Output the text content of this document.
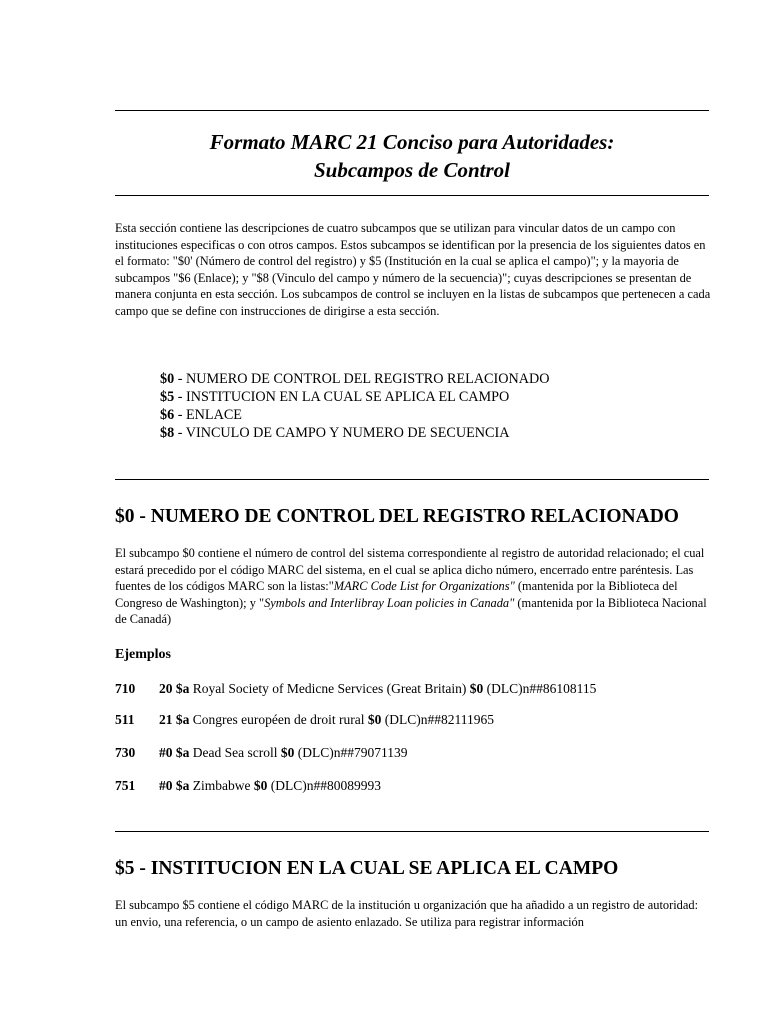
Formato MARC 21 Conciso para Autoridades:
Subcampos de Control
Esta sección contiene las descripciones de cuatro subcampos que se utilizan para vincular datos de un campo con instituciones especificas o con otros campos. Estos subcampos se identifican por la presencia de los siguientes datos en el formato: "$0' (Número de control del registro) y $5 (Institución en la cual se aplica el campo)"; y la mayoria de subcampos "$6 (Enlace); y "$8 (Vinculo del campo y número de la secuencia)"; cuyas descripciones se presentan de manera conjunta en esta sección. Los subcampos de control se incluyen en la listas de subcampos que pertenecen a cada campo que se define con instrucciones de dirigirse a esta sección.
$0 - NUMERO DE CONTROL DEL REGISTRO RELACIONADO
$5 - INSTITUCION EN LA CUAL SE APLICA EL CAMPO
$6 - ENLACE
$8 - VINCULO DE CAMPO Y NUMERO DE SECUENCIA
$0 - NUMERO DE CONTROL DEL REGISTRO RELACIONADO
El subcampo $0 contiene el número de control del sistema correspondiente al registro de autoridad relacionado; el cual estará precedido por el código MARC del sistema, en el cual se aplica dicho número, encerrado entre paréntesis. Las fuentes de los códigos MARC son la listas:"MARC Code List for Organizations" (mantenida por la Biblioteca del Congreso de Washington); y "Symbols and Interlibray Loan policies in Canada" (mantenida por la Biblioteca Nacional de Canadá)
Ejemplos
710 20 $a Royal Society of Medicne Services (Great Britain) $0 (DLC)n##86108115
511 21 $a Congres européen de droit rural $0 (DLC)n##82111965
730 #0 $a Dead Sea scroll $0 (DLC)n##79071139
751 #0 $a Zimbabwe $0 (DLC)n##80089993
$5 - INSTITUCION EN LA CUAL SE APLICA EL CAMPO
El subcampo $5 contiene el código MARC de la institución u organización que ha añadido a un registro de autoridad: un envio, una referencia, o un campo de asiento enlazado. Se utiliza para registrar información
